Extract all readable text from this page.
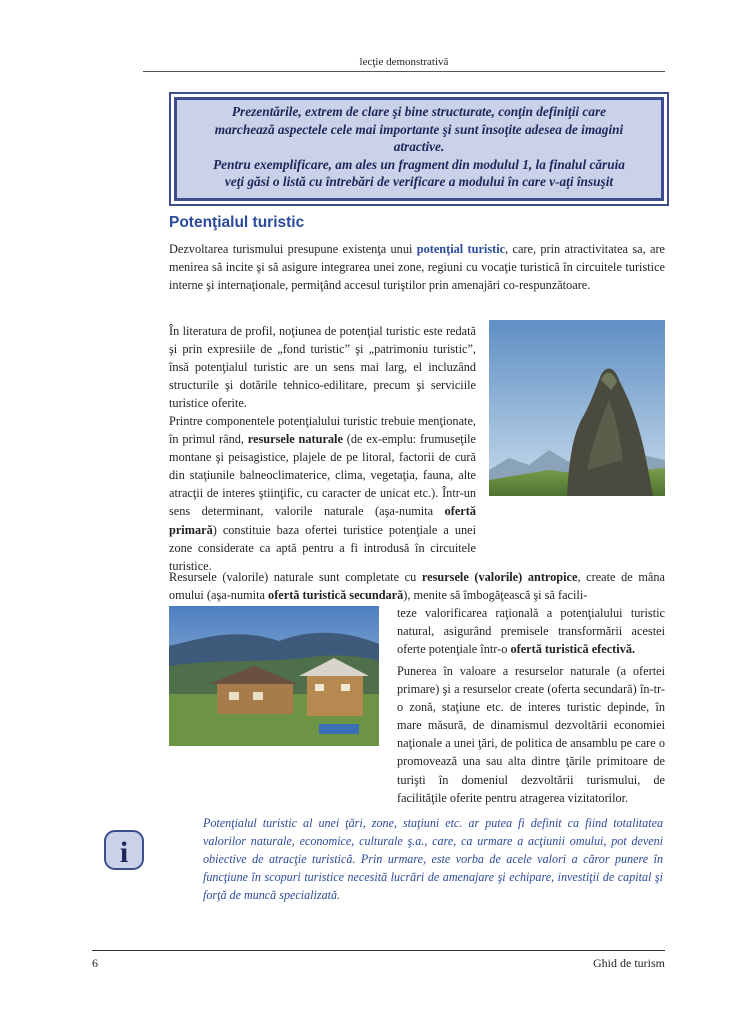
lecţie demonstrativă
Prezentările, extrem de clare şi bine structurate, conţin definiţii care
marchează aspectele cele mai importante şi sunt însoţite adesea de imagini
atractive.
Pentru exemplificare, am ales un fragment din modulul 1, la finalul căruia
veţi găsi o listă cu întrebări de verificare a modului în care v-aţi însuşit
Potenţialul turistic

Dezvoltarea turismului presupune existenţa unui potenţial turistic, care, prin atractivitatea sa, are menirea să incite şi să asigure integrarea unei zone, regiuni cu vocaţie turistică în circuitele turistice interne şi internaţionale, permiţând accesul turiştilor prin amenajări co-respunzătoare.

În literatura de profil, noţiunea de potenţial turistic este redată şi prin expresiile de „fond turistic” şi „patrimoniu turistic”, însă potenţialul turistic are un sens mai larg, el incluzând structurile şi dotările tehnico-edilitare, precum şi serviciile turistice oferite.

Printre componentele potenţialului turistic trebuie menţionate, în primul rând, resursele naturale (de ex-emplu: frumuseţile montane şi peisagistice, plajele de pe litoral, factorii de cură din staţiunile balneoclimaterice, clima, vegetaţia, fauna, alte atracţii de interes ştiinţific, cu caracter de unicat etc.). Într-un sens determinant, valorile naturale (aşa-numita ofertă primară) constituie baza ofertei turistice potenţiale a unei zone considerate ca aptă pentru a fi introdusă în circuitele turistice.

Resursele (valorile) naturale sunt completate cu resursele (valorile) antropice, create de mâna omului (aşa-numita ofertă turistică secundară), menite să îmbogăţească şi să facili-

teze valorificarea raţională a potenţialului turistic natural, asigurând premisele transformării acestei oferte potenţiale într-o ofertă turistică efectivă.

Punerea în valoare a resurselor naturale (a ofertei primare) şi a resurselor create (oferta secundară) în-tr-o zonă, staţiune etc. de interes turistic depinde, în mare măsură, de dinamismul dezvoltării economiei naţionale a unei ţări, de politica de ansamblu pe care o promovează una sau alta dintre ţările primitoare de turişti în domeniul dezvoltării turismului, de facilităţile oferite pentru atragerea vizitatorilor.

i
Potenţialul turistic al unei ţări, zone, staţiuni etc. ar putea fi definit ca fiind totalitatea valorilor naturale, economice, culturale ş.a., care, ca urmare a acţiunii omului, pot deveni obiective de atracţie turistică. Prin urmare, este vorba de acele valori a căror punere în funcţiune în scopuri turistice necesită lucrări de amenajare şi echipare, investiţii de capital şi forţă de muncă specializată.
6	Ghid de turism
